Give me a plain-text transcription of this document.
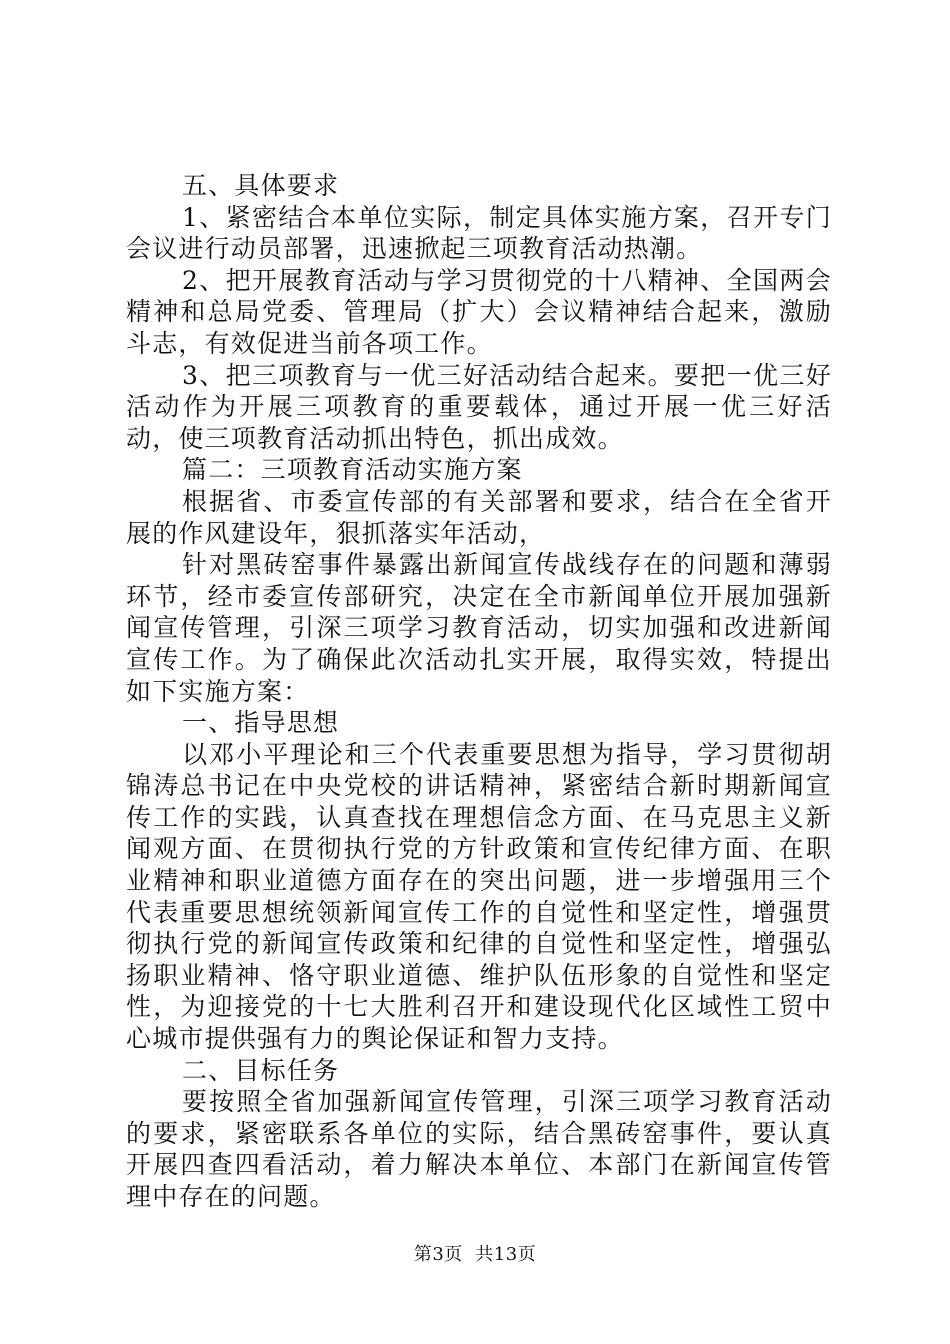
五、具体要求

1、紧密结合本单位实际，制定具体实施方案，召开专门会议进行动员部署，迅速掀起三项教育活动热潮。

2、把开展教育活动与学习贯彻党的十八精神、全国两会精神和总局党委、管理局（扩大）会议精神结合起来，激励斗志，有效促进当前各项工作。

3、把三项教育与一优三好活动结合起来。要把一优三好活动作为开展三项教育的重要载体，通过开展一优三好活动，使三项教育活动抓出特色，抓出成效。

篇二：三项教育活动实施方案

根据省、市委宣传部的有关部署和要求，结合在全省开展的作风建设年，狠抓落实年活动，

针对黑砖窑事件暴露出新闻宣传战线存在的问题和薄弱环节，经市委宣传部研究，决定在全市新闻单位开展加强新闻宣传管理，引深三项学习教育活动，切实加强和改进新闻宣传工作。为了确保此次活动扎实开展，取得实效，特提出如下实施方案：

一、指导思想

以邓小平理论和三个代表重要思想为指导，学习贯彻胡锦涛总书记在中央党校的讲话精神，紧密结合新时期新闻宣传工作的实践，认真查找在理想信念方面、在马克思主义新闻观方面、在贯彻执行党的方针政策和宣传纪律方面、在职业精神和职业道德方面存在的突出问题，进一步增强用三个代表重要思想统领新闻宣传工作的自觉性和坚定性，增强贯彻执行党的新闻宣传政策和纪律的自觉性和坚定性，增强弘扬职业精神、恪守职业道德、维护队伍形象的自觉性和坚定性，为迎接党的十七大胜利召开和建设现代化区域性工贸中心城市提供强有力的舆论保证和智力支持。

二、目标任务

要按照全省加强新闻宣传管理，引深三项学习教育活动的要求，紧密联系各单位的实际，结合黑砖窑事件，要认真开展四查四看活动，着力解决本单位、本部门在新闻宣传管理中存在的问题。

第3页  共13页
